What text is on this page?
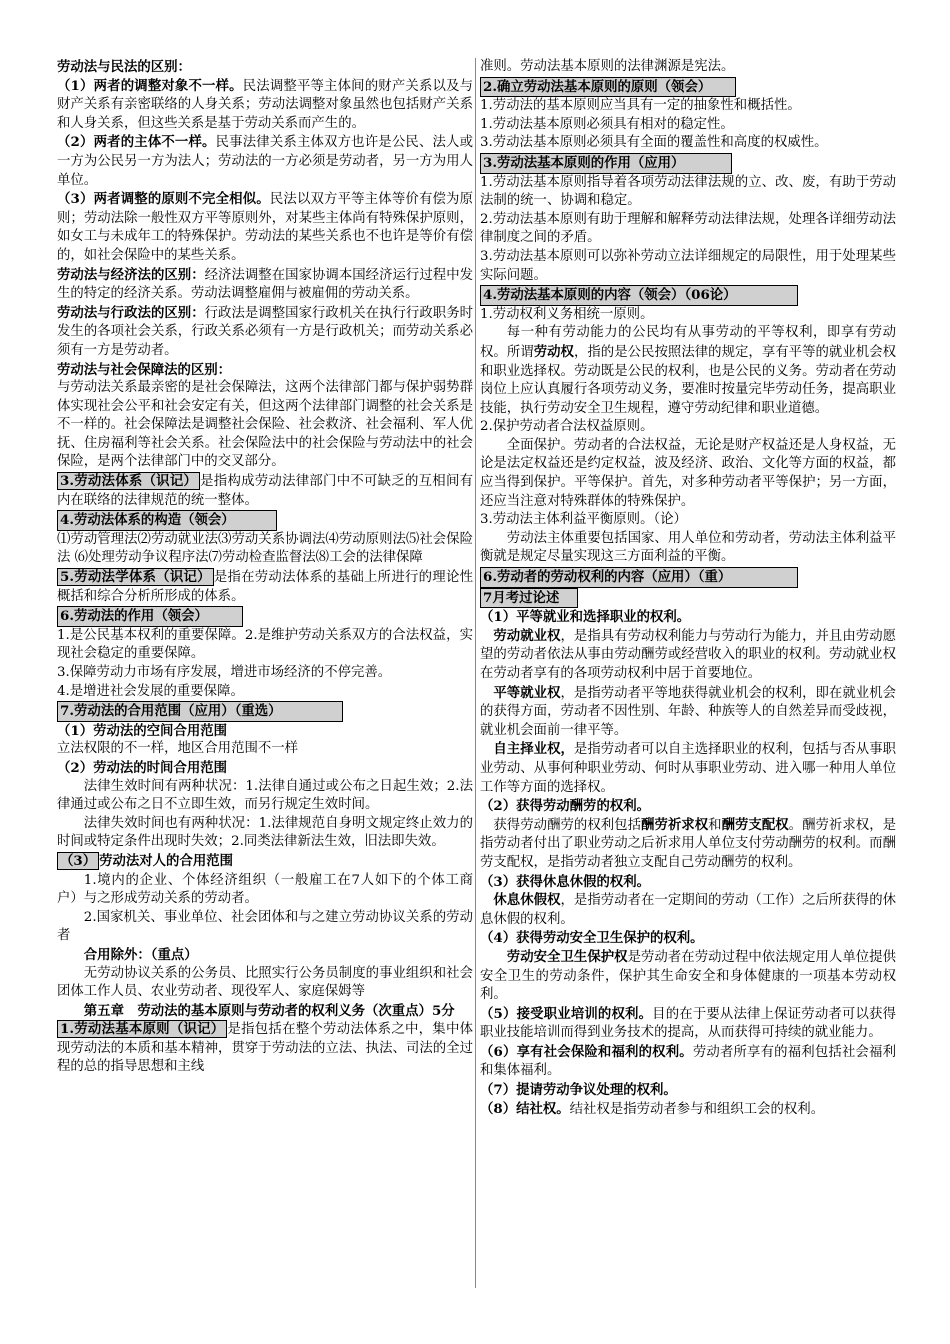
劳动法与民法的区别：

（1）两者的调整对象不一样。民法调整平等主体间的财产关系以及与财产关系有亲密联络的人身关系；劳动法调整对象虽然也包括财产关系和人身关系，但这些关系是基于劳动关系而产生的。

（2）两者的主体不一样。民事法律关系主体双方也许是公民、法人或一方为公民另一方为法人；劳动法的一方必须是劳动者，另一方为用人单位。

（3）两者调整的原则不完全相似。民法以双方平等主体等价有偿为原则；劳动法除一般性双方平等原则外，对某些主体尚有特殊保护原则，如女工与未成年工的特殊保护。劳动法的某些关系也不也许是等价有偿的，如社会保险中的某些关系。

劳动法与经济法的区别：经济法调整在国家协调本国经济运行过程中发生的特定的经济关系。劳动法调整雇佣与被雇佣的劳动关系。

劳动法与行政法的区别：行政法是调整国家行政机关在执行行政职务时发生的各项社会关系，行政关系必须有一方是行政机关；而劳动关系必须有一方是劳动者。

劳动法与社会保障法的区别：

与劳动法关系最亲密的是社会保障法，这两个法律部门都与保护弱势群体实现社会公平和社会安定有关，但这两个法律部门调整的社会关系是不一样的。社会保障法是调整社会保险、社会救济、社会福利、军人优抚、住房福利等社会关系。社会保险法中的社会保险与劳动法中的社会保险，是两个法律部门中的交叉部分。

3.劳动法体系（识记） 是指构成劳动法律部门中不可缺乏的互相间有内在联络的法律规范的统一整体。

4.劳动法体系的构造（领会）

⑴劳动管理法⑵劳动就业法⑶劳动关系协调法⑷劳动原则法⑸社会保险法 ⑹处理劳动争议程序法⑺劳动检查监督法⑻工会的法律保障

5.劳动法学体系（识记） 是指在劳动法体系的基础上所进行的理论性概括和综合分析所形成的体系。

6.劳动法的作用（领会）

1.是公民基本权利的重要保障。2.是维护劳动关系双方的合法权益，实现社会稳定的重要保障。

3.保障劳动力市场有序发展，增进市场经济的不停完善。

4.是增进社会发展的重要保障。

7.劳动法的合用范围（应用）（重选）

（1）劳动法的空间合用范围

立法权限的不一样，地区合用范围不一样

（2）劳动法的时间合用范围

法律生效时间有两种状况：1.法律自通过或公布之日起生效；2.法律通过或公布之日不立即生效，而另行规定生效时间。

法律失效时间也有两种状况：1.法律规范自身明文规定终止效力的时间或特定条件出现时失效；2.同类法律新法生效，旧法即失效。

（3） 劳动法对人的合用范围

1.境内的企业、个体经济组织（一般雇工在7人如下的个体工商户）与之形成劳动关系的劳动者。

2.国家机关、事业单位、社会团体和与之建立劳动协议关系的劳动者

合用除外：（重点）

无劳动协议关系的公务员、比照实行公务员制度的事业组织和社会团体工作人员、农业劳动者、现役军人、家庭保姆等

第五章　劳动法的基本原则与劳动者的权利义务（次重点）5分

1.劳动法基本原则（识记） 是指包括在整个劳动法体系之中，集中体现劳动法的本质和基本精神，贯穿于劳动法的立法、执法、司法的全过程的总的指导思想和主线

准则。劳动法基本原则的法律渊源是宪法。

2.确立劳动法基本原则的原则（领会）

1.劳动法的基本原则应当具有一定的抽象性和概括性。

1.劳动法基本原则必须具有相对的稳定性。

3.劳动法基本原则必须具有全面的覆盖性和高度的权威性。

3.劳动法基本原则的作用（应用）

1.劳动法基本原则指导着各项劳动法律法规的立、改、废，有助于劳动法制的统一、协调和稳定。

2.劳动法基本原则有助于理解和解释劳动法律法规，处理各详细劳动法律制度之间的矛盾。

3.劳动法基本原则可以弥补劳动立法详细规定的局限性，用于处理某些实际问题。

4.劳动法基本原则的内容（领会）（06论）

1.劳动权利义务相统一原则。

每一种有劳动能力的公民均有从事劳动的平等权利，即享有劳动权。所谓劳动权，指的是公民按照法律的规定，享有平等的就业机会权和职业选择权。劳动既是公民的权利，也是公民的义务。劳动者在劳动岗位上应认真履行各项劳动义务，要准时按量完毕劳动任务，提高职业技能，执行劳动安全卫生规程，遵守劳动纪律和职业道德。

2.保护劳动者合法权益原则。

全面保护。劳动者的合法权益，无论是财产权益还是人身权益，无论是法定权益还是约定权益，波及经济、政治、文化等方面的权益，都应当得到保护。平等保护。首先，对多种劳动者平等保护；另一方面，还应当注意对特殊群体的特殊保护。

3.劳动法主体利益平衡原则。（论）

劳动法主体重要包括国家、用人单位和劳动者，劳动法主体利益平衡就是规定尽量实现这三方面利益的平衡。

6.劳动者的劳动权利的内容（应用）（重）

7月考过论述

（1）平等就业和选择职业的权利。

劳动就业权，是指具有劳动权利能力与劳动行为能力，并且由劳动愿望的劳动者依法从事由劳动酬劳或经营收入的职业的权利。劳动就业权在劳动者享有的各项劳动权利中居于首要地位。

平等就业权，是指劳动者平等地获得就业机会的权利，即在就业机会的获得方面，劳动者不因性别、年龄、种族等人的自然差异而受歧视，就业机会面前一律平等。

自主择业权，是指劳动者可以自主选择职业的权利，包括与否从事职业劳动、从事何种职业劳动、何时从事职业劳动、进入哪一种用人单位工作等方面的选择权。

（2）获得劳动酬劳的权利。

获得劳动酬劳的权利包括酬劳祈求权和酬劳支配权。酬劳祈求权，是指劳动者付出了职业劳动之后祈求用人单位支付劳动酬劳的权利。而酬劳支配权，是指劳动者独立支配自己劳动酬劳的权利。

（3）获得休息休假的权利。

休息休假权，是指劳动者在一定期间的劳动（工作）之后所获得的休息休假的权利。

（4）获得劳动安全卫生保护的权利。

劳动安全卫生保护权是劳动者在劳动过程中依法规定用人单位提供安全卫生的劳动条件，保护其生命安全和身体健康的一项基本劳动权利。

（5）接受职业培训的权利。目的在于要从法律上保证劳动者可以获得职业技能培训而得到业务技术的提高，从而获得可持续的就业能力。

（6）享有社会保险和福利的权利。劳动者所享有的福利包括社会福利和集体福利。

（7）提请劳动争议处理的权利。

（8）结社权。结社权是指劳动者参与和组织工会的权利。
